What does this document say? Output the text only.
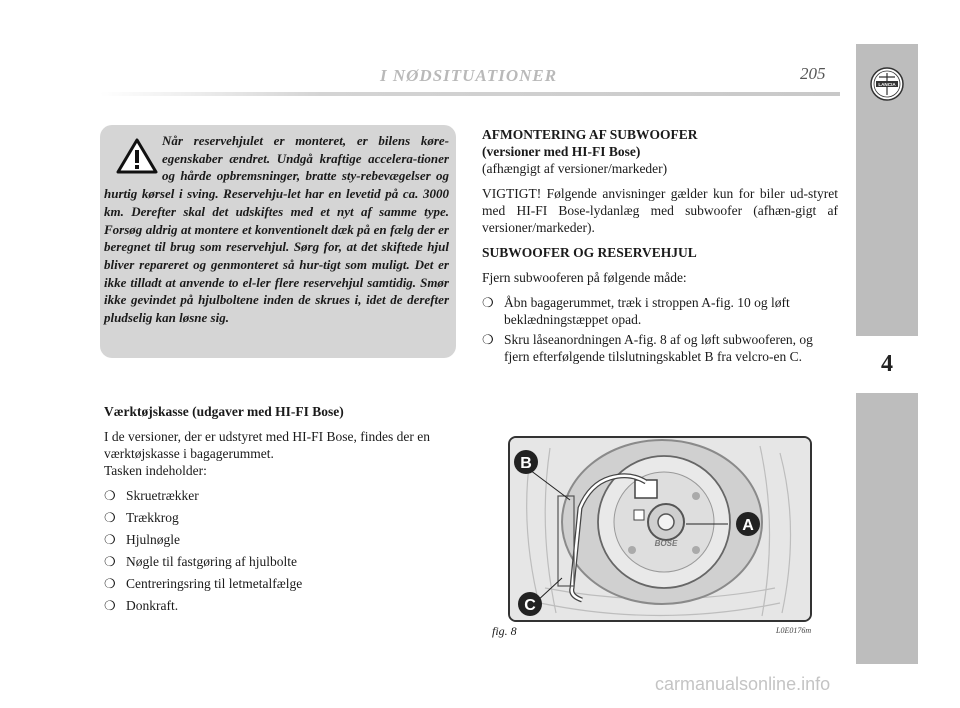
I NØDSITUATIONER	205
LANCIA
4

Når reservehjulet er monteret, er bilens køre-egenskaber ændret. Undgå kraftige accelera-tioner og hårde opbremsninger, bratte sty-rebevægelser og hurtig kørsel i sving. Reservehju-let har en levetid på ca. 3000 km. Derefter skal det udskiftes med et nyt af samme type. Forsøg aldrig at montere et konventionelt dæk på en fælg der er beregnet til brug som reservehjul. Sørg for, at det skiftede hjul bliver repareret og genmonteret så hur-tigt som muligt. Det er ikke tilladt at anvende to el-ler flere reservehjul samtidig. Smør ikke gevindet på hjulboltene inden de skrues i, idet de derefter pludselig kan løsne sig.

Værktøjskasse (udgaver med HI-FI Bose)

I de versioner, der er udstyret med HI-FI Bose, findes der en værktøjskasse i bagagerummet.

Tasken indeholder:

❍ Skruetrækker
❍ Trækkrog
❍ Hjulnøgle
❍ Nøgle til fastgøring af hjulbolte
❍ Centreringsring til letmetalfælge
❍ Donkraft.

AFMONTERING AF SUBWOOFER

(versioner med HI-FI Bose)

(afhængigt af versioner/markeder)

VIGTIGT! Følgende anvisninger gælder kun for biler ud-styret med HI-FI Bose-lydanlæg med subwoofer (afhæn-gigt af versioner/markeder).

SUBWOOFER OG RESERVEHJUL

Fjern subwooferen på følgende måde:

❍ Åbn bagagerummet, træk i stroppen A-fig. 10 og løft beklædningstæppet opad.
❍ Skru låseanordningen A-fig. 8 af og løft subwooferen, og fjern efterfølgende tilslutningskablet B fra velcro-en C.
BOSE
B
A
C
fig. 8	L0E0176m
carmanualsonline.info
